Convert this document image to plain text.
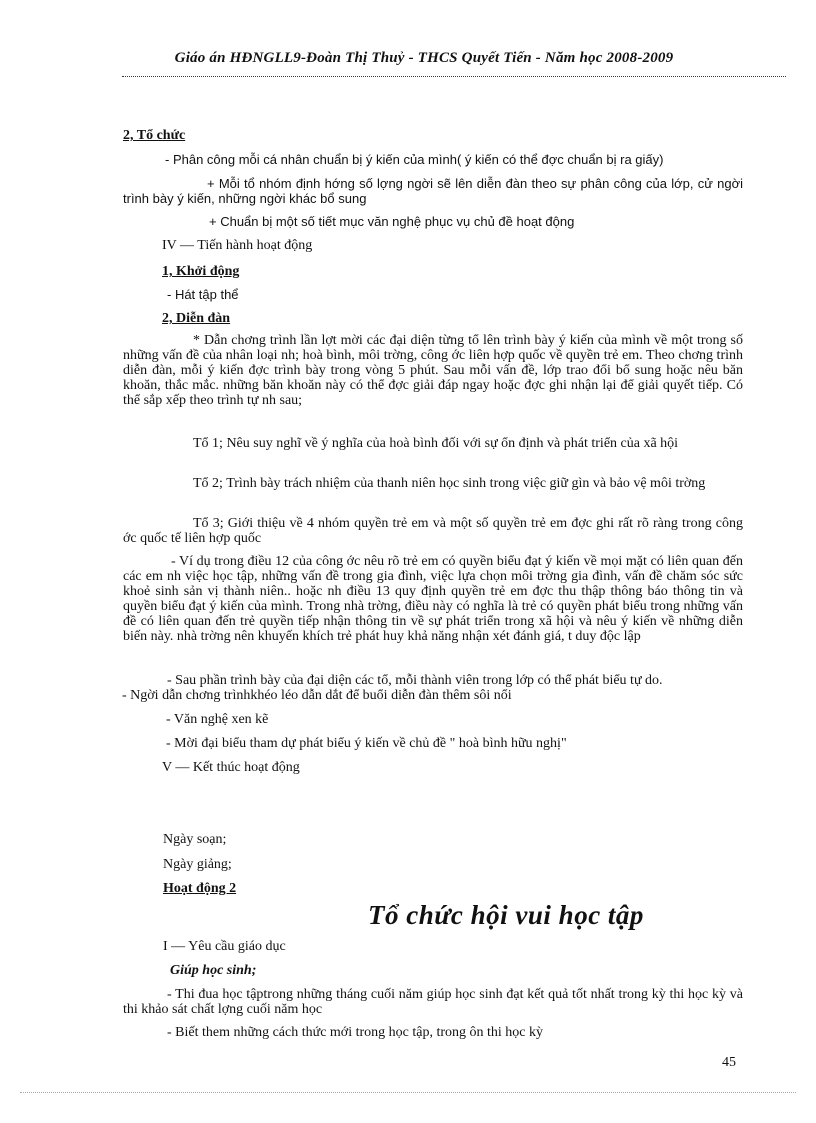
Giáo án HĐNGLL9-Đoàn Thị Thuỷ - THCS Quyết Tiến - Năm học 2008-2009

2, Tổ chức

- Phân công mỗi cá nhân chuẩn bị ý kiến của mình( ý kiến có thể đợc chuẩn bị ra giấy)

+ Mỗi tổ nhóm định hớng số lợng ngời sẽ lên diễn đàn theo sự phân công của lớp, cử ngời trình bày ý kiến, những ngời khác bổ sung

+ Chuẩn bị một số tiết mục văn nghệ phục vụ chủ đề hoạt động

IV — Tiến hành hoạt động

1, Khởi động

- Hát tập thể

2, Diễn đàn

* Dẫn chơng trình lần lợt mời các đại diện từng tổ lên trình bày ý kiến của mình về một trong số những vấn đề của nhân loại nh; hoà bình, môi trờng, công ớc liên hợp quốc về quyền trẻ em. Theo chơng trình diễn đàn, mỗi ý kiến đợc trình bày trong vòng 5 phút. Sau mỗi vấn đề, lớp trao đổi bổ sung hoặc nêu băn khoăn, thắc mắc. những băn khoăn này có thể đợc giải đáp ngay hoặc đợc ghi nhận lại để giải quyết tiếp. Có thể sắp xếp theo trình tự nh sau;

Tổ 1; Nêu suy nghĩ về ý nghĩa của hoà bình đối với sự ổn định và phát triển của xã hội

Tổ 2; Trình bày trách nhiệm của thanh niên học sinh trong việc giữ gìn và bảo vệ môi trờng

Tổ 3; Giới thiệu về 4 nhóm quyền trẻ em và một số quyền trẻ em đợc ghi rất rõ ràng trong công ớc quốc tế liên hợp quốc

- Ví dụ trong điều 12 của công ớc nêu rõ trẻ em có quyền biểu đạt ý kiến về mọi mặt có liên quan đến các em nh việc học tập, những vấn đề trong gia đình, việc lựa chọn môi trờng gia đình, vấn đề chăm sóc sức khoẻ sinh sản vị thành niên.. hoặc nh điều 13 quy định quyền trẻ em đợc thu thập thông báo thông tin và quyền biểu đạt ý kiến của mình. Trong nhà trờng, điều này có nghĩa là trẻ có quyền phát biểu trong những vấn đề có liên quan đến trẻ quyền tiếp nhận thông tin về sự phát triển trong xã hội và nêu ý kiến về những diễn biến này. nhà trờng nên khuyến khích trẻ phát huy khả năng nhận xét đánh giá, t duy độc lập

- Sau phần trình bày của đại diện các tổ, mỗi thành viên trong lớp có thể phát biểu tự do.

- Ngời dẫn chơng trìnhkhéo léo dẫn dắt để buổi diễn đàn thêm sôi nổi

- Văn nghệ xen kẽ

- Mời đại biểu tham dự phát biểu ý kiến về chủ đề " hoà bình hữu nghị"

V — Kết thúc hoạt động

Ngày soạn;

Ngày giảng;

Hoạt động 2

Tổ chức hội vui học tập

I — Yêu cầu giáo dục

Giúp học sinh;

- Thi đua học tậptrong những tháng cuối năm giúp học sinh đạt kết quả tốt nhất trong kỳ thi học kỳ và thi khảo sát chất lợng cuối năm học

- Biết them những cách thức mới trong học tập, trong ôn thi học kỳ

45
